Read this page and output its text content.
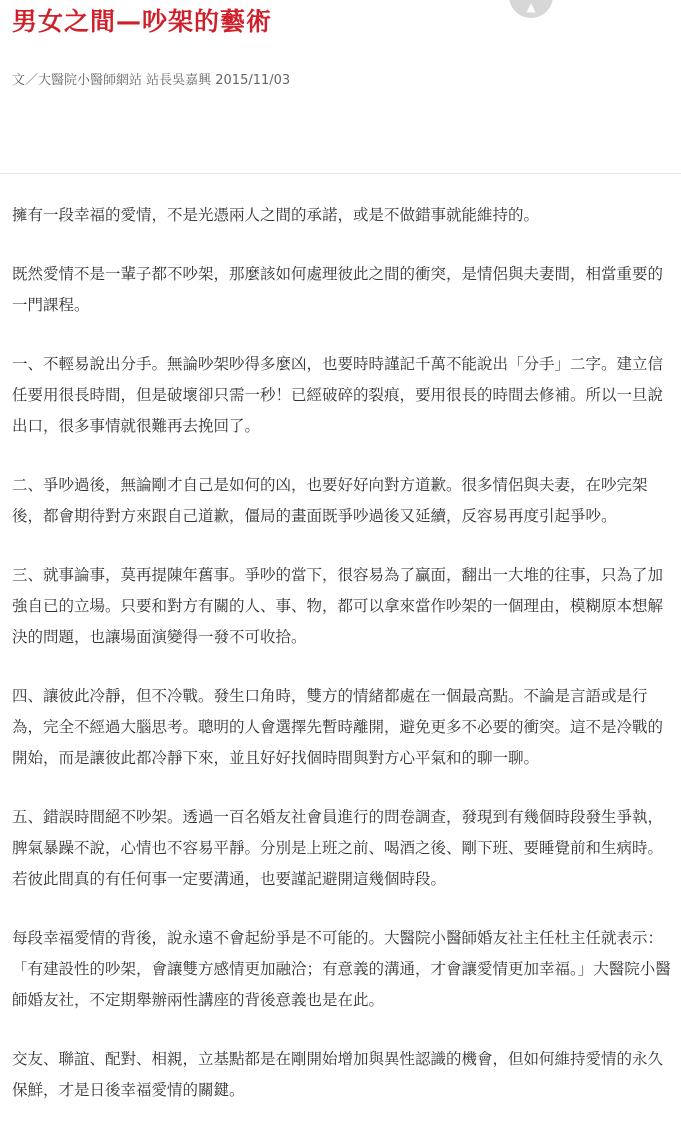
男女之間—吵架的藝術	▲
文／大醫院小醫師網站 站長吳嘉興 2015/11/03

擁有一段幸福的愛情，不是光憑兩人之間的承諾，或是不做錯事就能維持的。

既然愛情不是一輩子都不吵架，那麼該如何處理彼此之間的衝突，是情侶與夫妻間，相當重要的一門課程。

一、不輕易說出分手。無論吵架吵得多麼凶，也要時時謹記千萬不能說出「分手」二字。建立信任要用很長時間，但是破壞卻只需一秒！已經破碎的裂痕，要用很長的時間去修補。所以一旦說出口，很多事情就很難再去挽回了。

二、爭吵過後，無論剛才自己是如何的凶，也要好好向對方道歉。很多情侶與夫妻，在吵完架後，都會期待對方來跟自己道歉，僵局的畫面既爭吵過後又延續，反容易再度引起爭吵。

三、就事論事，莫再提陳年舊事。爭吵的當下，很容易為了贏面，翻出一大堆的往事，只為了加強自已的立場。只要和對方有關的人、事、物，都可以拿來當作吵架的一個理由，模糊原本想解決的問題，也讓場面演變得一發不可收拾。

四、讓彼此冷靜，但不冷戰。發生口角時，雙方的情緒都處在一個最高點。不論是言語或是行為，完全不經過大腦思考。聰明的人會選擇先暫時離開，避免更多不必要的衝突。這不是冷戰的開始，而是讓彼此都冷靜下來，並且好好找個時間與對方心平氣和的聊一聊。

五、錯誤時間絕不吵架。透過一百名婚友社會員進行的問卷調查，發現到有幾個時段發生爭執，脾氣暴躁不說，心情也不容易平靜。分別是上班之前、喝酒之後、剛下班、要睡覺前和生病時。若彼此間真的有任何事一定要溝通，也要謹記避開這幾個時段。

每段幸福愛情的背後，說永遠不會起紛爭是不可能的。大醫院小醫師婚友社主任杜主任就表示：「有建設性的吵架，會讓雙方感情更加融洽；有意義的溝通，才會讓愛情更加幸福。」大醫院小醫師婚友社，不定期舉辦兩性講座的背後意義也是在此。

交友、聯誼、配對、相親，立基點都是在剛開始增加與異性認識的機會，但如何維持愛情的永久保鮮，才是日後幸福愛情的關鍵。
